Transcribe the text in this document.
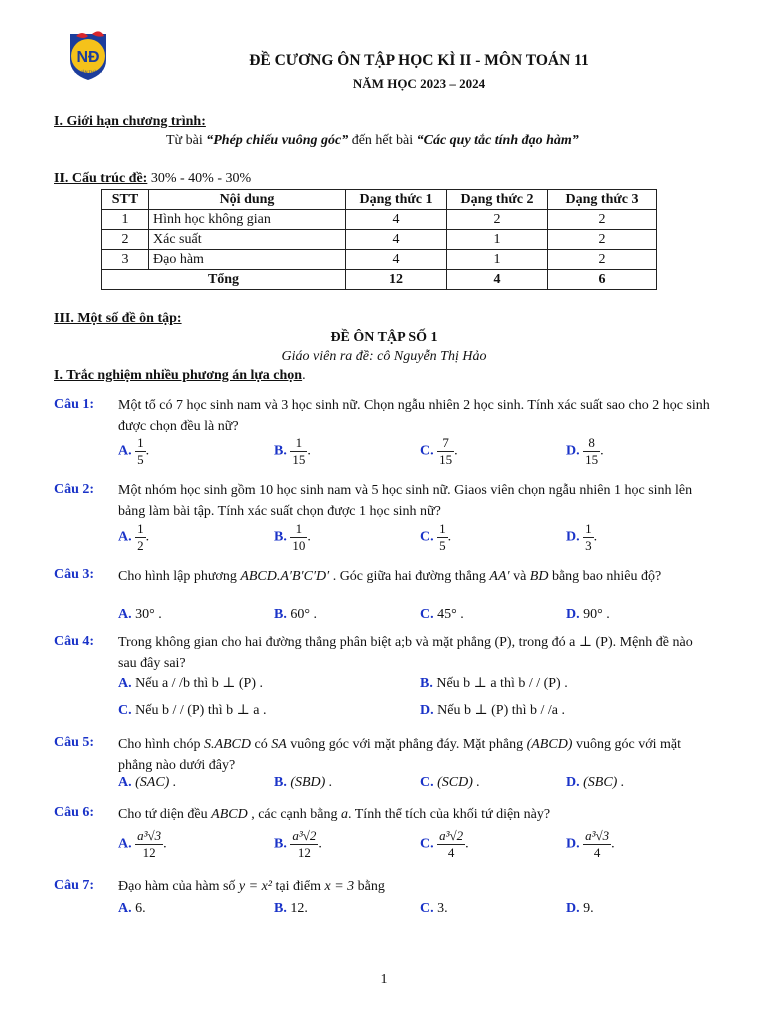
NĐ
THUẬN THÀNH
ĐỀ CƯƠNG ÔN TẬP HỌC KÌ II - MÔN TOÁN 11
NĂM HỌC 2023 – 2024
I. Giới hạn chương trình:
Từ bài “Phép chiếu vuông góc” đến hết bài “Các quy tắc tính đạo hàm”
II. Cấu trúc đề: 30% - 40% - 30%
STT	Nội dung	Dạng thức 1	Dạng thức 2	Dạng thức 3
1	Hình học không gian	4	2	2
2	Xác suất	4	1	2
3	Đạo hàm	4	1	2
Tổng		12	4	6
III. Một số đề ôn tập:
ĐỀ ÔN TẬP SỐ 1
Giáo viên ra đề: cô Nguyễn Thị Hảo
I. Trắc nghiệm nhiều phương án lựa chọn.
Câu 1: Một tổ có 7 học sinh nam và 3 học sinh nữ. Chọn ngẫu nhiên 2 học sinh. Tính xác suất sao cho 2 học sinh được chọn đều là nữ?
A. $\frac{1}{5}$ .	B. $\frac{1}{15}$ .	C. $\frac{7}{15}$ .	D. $\frac{8}{15}$ .
Câu 2: Một nhóm học sinh gồm 10 học sinh nam và 5 học sinh nữ. Giaos viên chọn ngẫu nhiên 1 học sinh lên bảng làm bài tập. Tính xác suất chọn được 1 học sinh nữ?
A. $\frac{1}{2}$ .	B. $\frac{1}{10}$ .	C. $\frac{1}{5}$ .	D. $\frac{1}{3}$ .
Câu 3: Cho hình lập phương ABCD.A′B′C′D′ . Góc giữa hai đường thẳng AA′ và BD bằng bao nhiêu độ?
A. 30° .	B. 60° .	C. 45° .	D. 90° .
Câu 4: Trong không gian cho hai đường thẳng phân biệt a;b và mặt phẳng (P), trong đó a ⊥ (P). Mệnh đề nào sau đây sai?
A. Nếu a / /b thì b ⊥ (P) .	B. Nếu b ⊥ a thì b / / (P) .
C. Nếu b / / (P) thì b ⊥ a .	D. Nếu b ⊥ (P) thì b / /a .
Câu 5: Cho hình chóp S.ABCD có SA vuông góc với mặt phẳng đáy. Mặt phẳng (ABCD) vuông góc với mặt phẳng nào dưới đây?
A. (SAC) .	B. (SBD) .	C. (SCD) .	D. (SBC) .
Câu 6: Cho tứ diện đều ABCD , các cạnh bằng a. Tính thể tích của khối tứ diện này?
A. $\frac{\text{a³√3}}{12}$ .	B. $\frac{\text{a³√2}}{12}$ .	C. $\frac{\text{a³√2}}{4}$ .	D. $\frac{\text{a³√3}}{4}$ .
Câu 7: Đạo hàm của hàm số y = x² tại điểm x = 3 bằng
A. 6.	B. 12.	C. 3.	D. 9.
1
